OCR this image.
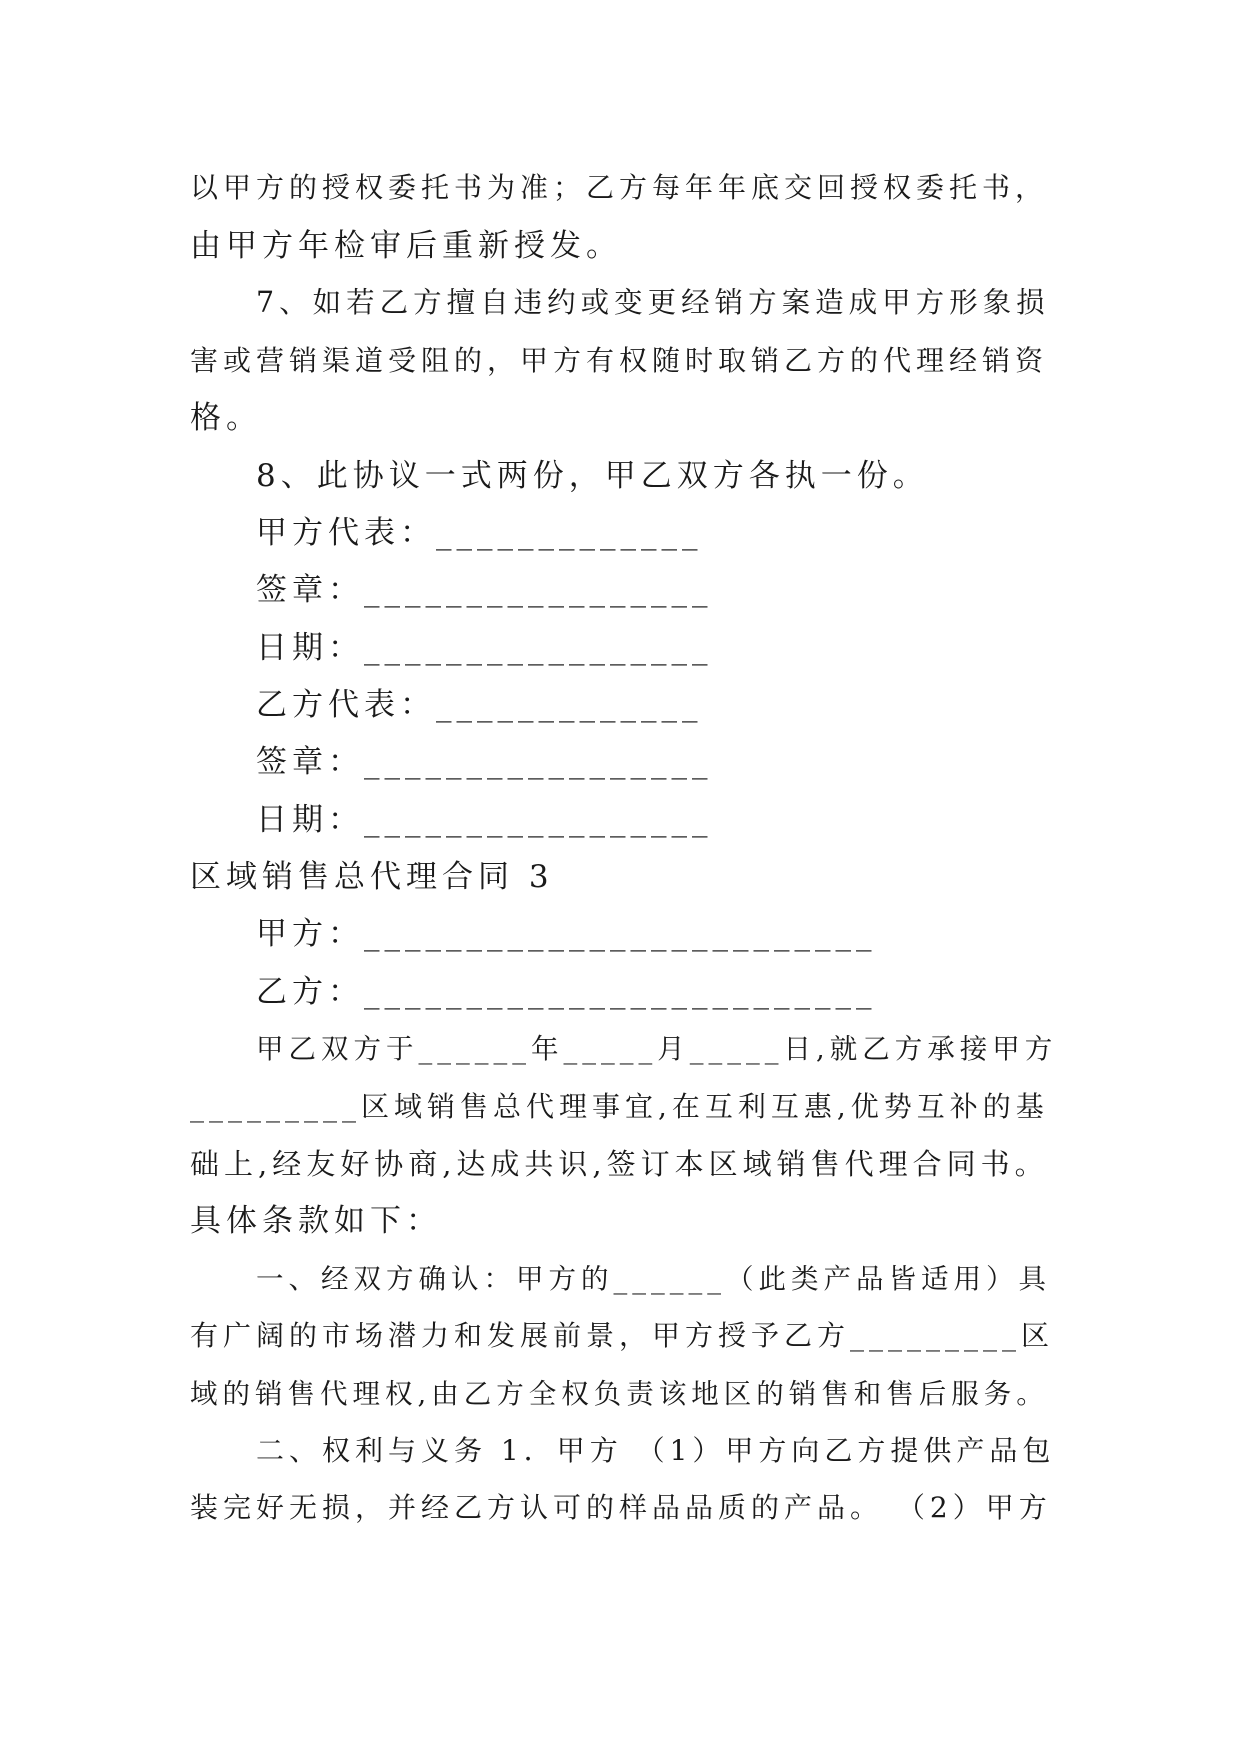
以甲方的授权委托书为准；乙方每年年底交回授权委托书，
由甲方年检审后重新授发。
7、如若乙方擅自违约或变更经销方案造成甲方形象损
害或营销渠道受阻的，甲方有权随时取销乙方的代理经销资
格。
8、此协议一式两份，甲乙双方各执一份。
甲方代表：_____________
签章：_________________
日期：_________________
乙方代表：_____________
签章：_________________
日期：_________________
区域销售总代理合同 3
甲方：_________________________
乙方：_________________________
甲乙双方于______年_____月_____日,就乙方承接甲方
_________区域销售总代理事宜,在互利互惠,优势互补的基
础上,经友好协商,达成共识,签订本区域销售代理合同书。
具体条款如下：
一、经双方确认：甲方的______（此类产品皆适用）具
有广阔的市场潜力和发展前景，甲方授予乙方_________区
域的销售代理权,由乙方全权负责该地区的销售和售后服务。
二、权利与义务 1．甲方 （1）甲方向乙方提供产品包
装完好无损，并经乙方认可的样品品质的产品。 （2）甲方
